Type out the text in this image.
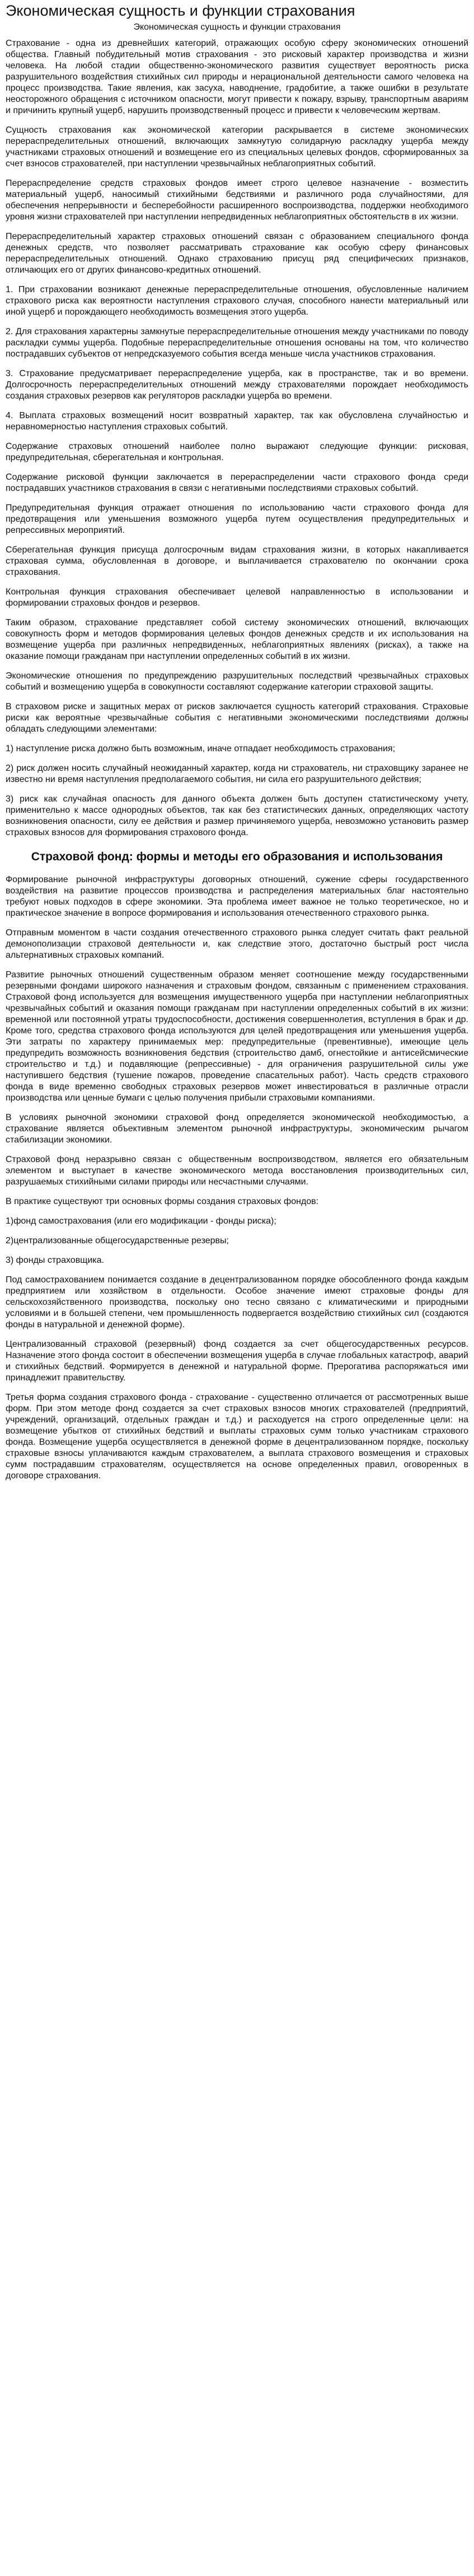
Экономическая сущность и функции страхования
Экономическая сущность и функции страхования

Страхование - одна из древнейших категорий, отражающих особую сферу экономических отношений общества. Главный побудительный мотив страхования - это рисковый характер производства и жизни человека. На любой стадии общественно-экономического развития существует вероятность риска разрушительного воздействия стихийных сил природы и нерациональной деятельности самого человека на процесс производства. Такие явления, как засуха, наводнение, градобитие, а также ошибки в результате неосторожного обращения с источником опасности, могут привести к пожару, взрыву, транспортным авариям и причинить крупный ущерб, нарушить производственный процесс и привести к человеческим жертвам.

Сущность страхования как экономической категории раскрывается в системе экономических перераспределительных отношений, включающих замкнутую солидарную раскладку ущерба между участниками страховых отношений и возмещение его из специальных целевых фондов, сформированных за счет взносов страхователей, при наступлении чрезвычайных неблагоприятных событий.

Перераспределение средств страховых фондов имеет строго целевое назначение - возместить материальный ущерб, наносимый стихийными бедствиями и различного рода случайностями, для обеспечения непрерывности и бесперебойности расширенного воспроизводства, поддержки необходимого уровня жизни страхователей при наступлении непредвиденных неблагоприятных обстоятельств в их жизни.

Перераспределительный характер страховых отношений связан с образованием специального фонда денежных средств, что позволяет рассматривать страхование как особую сферу финансовых перераспределительных отношений. Однако страхованию присущ ряд специфических признаков, отличающих его от других финансово-кредитных отношений.

1. При страховании возникают денежные перераспределительные отношения, обусловленные наличием страхового риска как вероятности наступления страхового случая, способного нанести материальный или иной ущерб и порождающего необходимость возмещения этого ущерба.

2. Для страхования характерны замкнутые перераспределительные отношения между участниками по поводу раскладки суммы ущерба. Подобные перераспределительные отношения основаны на том, что количество пострадавших субъектов от непредсказуемого события всегда меньше числа участников страхования.

3. Страхование предусматривает перераспределение ущерба, как в пространстве, так и во времени. Долгосрочность перераспределительных отношений между страхователями порождает необходимость создания страховых резервов как регуляторов раскладки ущерба во времени.

4. Выплата страховых возмещений носит возвратный характер, так как обусловлена случайностью и неравномерностью наступления страховых событий.

Содержание страховых отношений наиболее полно выражают следующие функции: рисковая, предупредительная, сберегательная и контрольная.

Содержание рисковой функции заключается в перераспределении части страхового фонда среди пострадавших участников страхования в связи с негативными последствиями страховых событий.

Предупредительная функция отражает отношения по использованию части страхового фонда для предотвращения или уменьшения возможного ущерба путем осуществления предупредительных и репрессивных мероприятий.

Сберегательная функция присуща долгосрочным видам страхования жизни, в которых накапливается страховая сумма, обусловленная в договоре, и выплачивается страхователю по окончании срока страхования.

Контрольная функция страхования обеспечивает целевой направленностью в использовании и формировании страховых фондов и резервов.

Таким образом, страхование представляет собой систему экономических отношений, включающих совокупность форм и методов формирования целевых фондов денежных средств и их использования на возмещение ущерба при различных непредвиденных, неблагоприятных явлениях (рисках), а также на оказание помощи гражданам при наступлении определенных событий в их жизни.

Экономические отношения по предупреждению разрушительных последствий чрезвычайных страховых событий и возмещению ущерба в совокупности составляют содержание категории страховой защиты.

В страховом риске и защитных мерах от рисков заключается сущность категорий страхования. Страховые риски как вероятные чрезвычайные события с негативными экономическими последствиями должны обладать следующими элементами:

1) наступление риска должно быть возможным, иначе отпадает необходимость страхования;

2) риск должен носить случайный неожиданный характер, когда ни страхователь, ни страховщику заранее не известно ни время наступления предполагаемого события, ни сила его разрушительного действия;

3) риск как случайная опасность для данного объекта должен быть доступен статистическому учету, применительно к массе однородных объектов, так как без статистических данных, определяющих частоту возникновения опасности, силу ее действия и размер причиняемого ущерба, невозможно установить размер страховых взносов для формирования страхового фонда.

Страховой фонд: формы и методы его образования и использования

Формирование рыночной инфраструктуры договорных отношений, сужение сферы государственного воздействия на развитие процессов производства и распределения материальных благ настоятельно требуют новых подходов в сфере экономики. Эта проблема имеет важное не только теоретическое, но и практическое значение в вопросе формирования и использования отечественного страхового рынка.

Отправным моментом в части создания отечественного страхового рынка следует считать факт реальной демонополизации страховой деятельности и, как следствие этого, достаточно быстрый рост числа альтернативных страховых компаний.

Развитие рыночных отношений существенным образом меняет соотношение между государственными резервными фондами широкого назначения и страховым фондом, связанным с применением страхования. Страховой фонд используется для возмещения имущественного ущерба при наступлении неблагоприятных чрезвычайных событий и оказания помощи гражданам при наступлении определенных событий в их жизни: временной или постоянной утраты трудоспособности, достижения совершеннолетия, вступления в брак и др. Кроме того, средства страхового фонда используются для целей предотвращения или уменьшения ущерба. Эти затраты по характеру принимаемых мер: предупредительные (превентивные), имеющие цель предупредить возможность возникновения бедствия (строительство дамб, огнестойкие и антисейсмические строительство и т.д.) и подавляющие (репрессивные) - для ограничения разрушительной силы уже наступившего бедствия (тушение пожаров, проведение спасательных работ). Часть средств страхового фонда в виде временно свободных страховых резервов может инвестироваться в различные отрасли производства или ценные бумаги с целью получения прибыли страховыми компаниями.

В условиях рыночной экономики страховой фонд определяется экономической необходимостью, а страхование является объективным элементом рыночной инфраструктуры, экономическим рычагом стабилизации экономики.

Страховой фонд неразрывно связан с общественным воспроизводством, является его обязательным элементом и выступает в качестве экономического метода восстановления производительных сил, разрушаемых стихийными силами природы или несчастными случаями.

В практике существуют три основных формы создания страховых фондов:

1)фонд самострахования (или его модификации - фонды риска);

2)централизованные общегосударственные резервы;

3) фонды страховщика.

Под самострахованием понимается создание в децентрализованном порядке обособленного фонда каждым предприятием или хозяйством в отдельности. Особое значение имеют страховые фонды для сельскохозяйственного производства, поскольку оно тесно связано с климатическими и природными условиями и в большей степени, чем промышленность подвергается воздействию стихийных сил (создаются фонды в натуральной и денежной форме).

Централизованный страховой (резервный) фонд создается за счет общегосударственных ресурсов. Назначение этого фонда состоит в обеспечении возмещения ущерба в случае глобальных катастроф, аварий и стихийных бедствий. Формируется в денежной и натуральной форме. Прерогатива распоряжаться ими принадлежит правительству.

Третья форма создания страхового фонда - страхование - существенно отличается от рассмотренных выше форм. При этом методе фонд создается за счет страховых взносов многих страхователей (предприятий, учреждений, организаций, отдельных граждан и т.д.) и расходуется на строго определенные цели: на возмещение убытков от стихийных бедствий и выплаты страховых сумм только участникам страхового фонда. Возмещение ущерба осуществляется в денежной форме в децентрализованном порядке, поскольку страховые взносы уплачиваются каждым страхователем, а выплата страхового возмещения и страховых сумм пострадавшим страхователям, осуществляется на основе определенных правил, оговоренных в договоре страхования.
